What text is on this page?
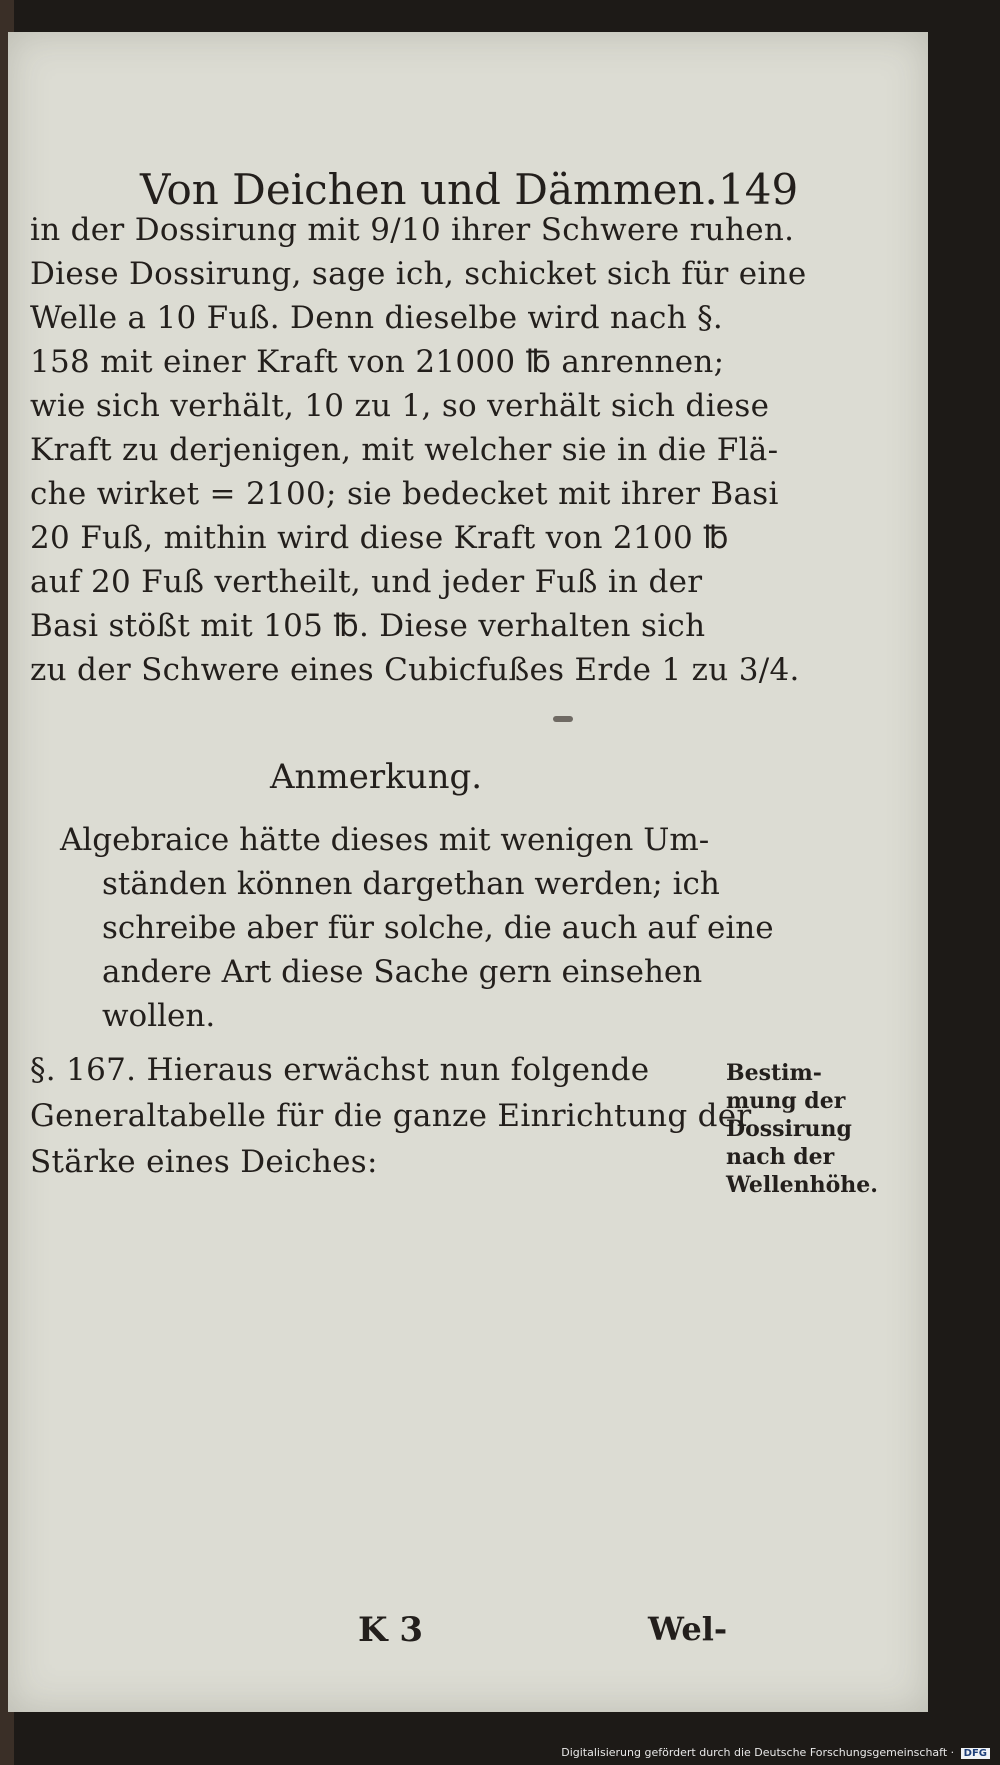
Von Deichen und Dämmen. 149
in der Dossirung mit 9/10 ihrer Schwere ruhen.
Diese Dossirung, sage ich, schicket sich für eine
Welle a 10 Fuß. Denn dieselbe wird nach §.
158 mit einer Kraft von 21000 ℔ anrennen;
wie sich verhält, 10 zu 1, so verhält sich diese
Kraft zu derjenigen, mit welcher sie in die Flä-
che wirket = 2100; sie bedecket mit ihrer Basi
20 Fuß, mithin wird diese Kraft von 2100 ℔
auf 20 Fuß vertheilt, und jeder Fuß in der
Basi stößt mit 105 ℔. Diese verhalten sich
zu der Schwere eines Cubicfußes Erde 1 zu 3/4.
Anmerkung.
Algebraice hätte dieses mit wenigen Um-
ständen können dargethan werden; ich
schreibe aber für solche, die auch auf eine
andere Art diese Sache gern einsehen
wollen.
§. 167. Hieraus erwächst nun folgende
Generaltabelle für die ganze Einrichtung der
Stärke eines Deiches:
Bestim-
mung der
Dossirung
nach der
Wellenhöhe.
K 3	Wel-
Digitalisierung gefördert durch die Deutsche Forschungsgemeinschaft · DFG
